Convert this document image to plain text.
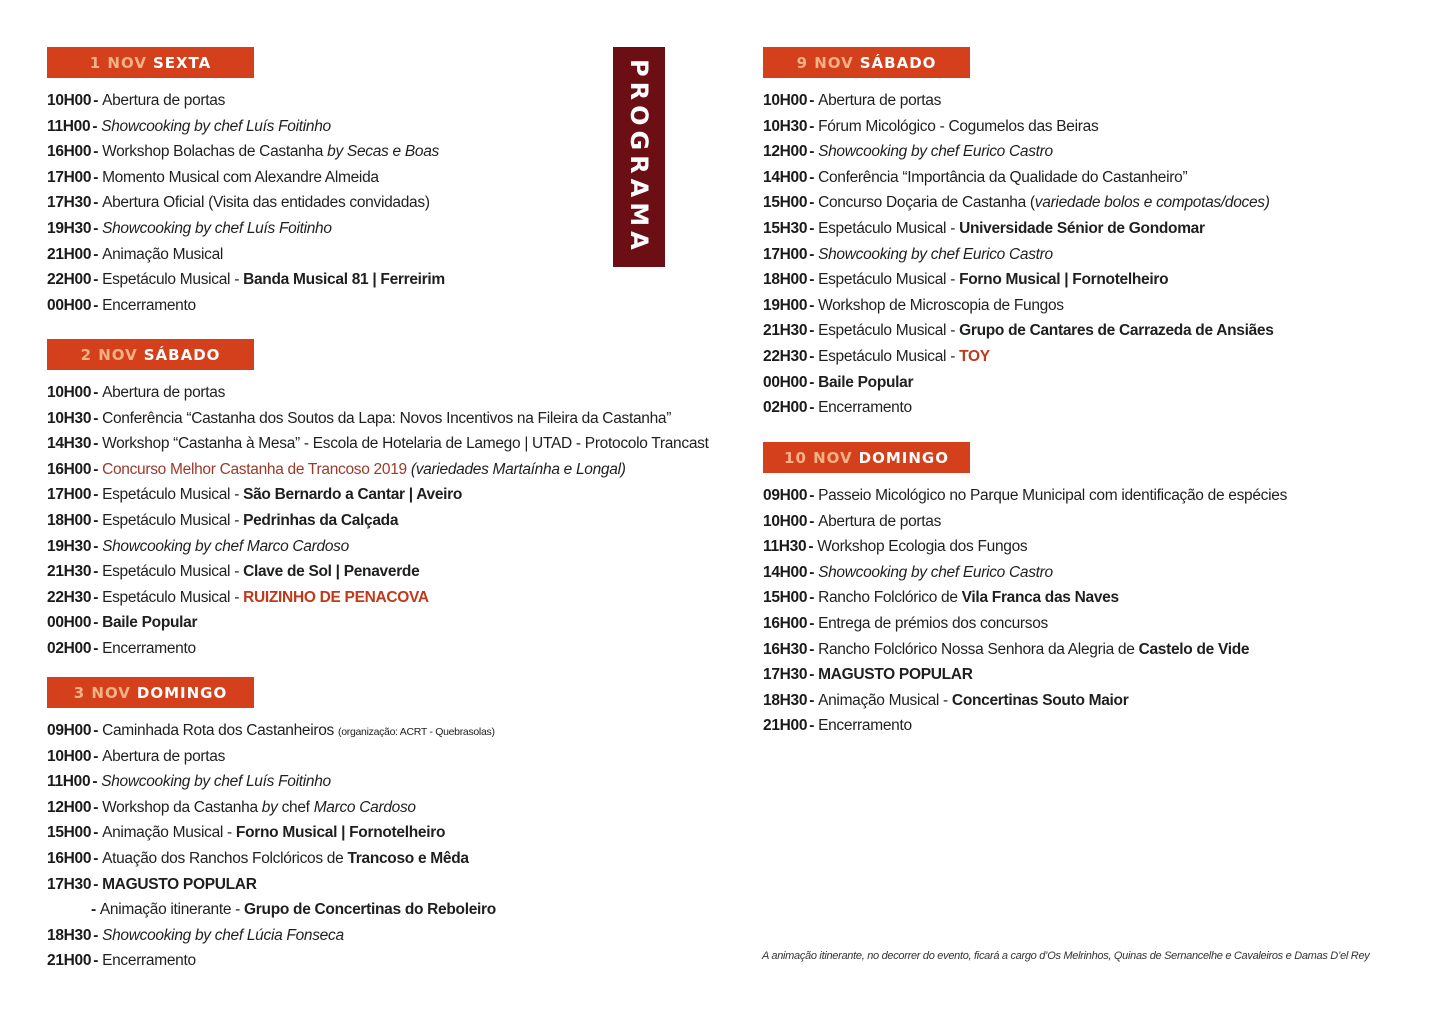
PROGRAMA
1 NOV SEXTA
10H00 - Abertura de portas
11H00 - Showcooking by chef Luís Foitinho
16H00 - Workshop Bolachas de Castanha by Secas e Boas
17H00 - Momento Musical com Alexandre Almeida
17H30 - Abertura Oficial (Visita das entidades convidadas)
19H30 - Showcooking by chef Luís Foitinho
21H00 - Animação Musical
22H00 - Espetáculo Musical - Banda Musical 81 | Ferreirim
00H00 - Encerramento
2 NOV SÁBADO
10H00 - Abertura de portas
10H30 - Conferência “Castanha dos Soutos da Lapa: Novos Incentivos na Fileira da Castanha”
14H30 - Workshop “Castanha à Mesa” - Escola de Hotelaria de Lamego | UTAD - Protocolo Trancast
16H00 - Concurso Melhor Castanha de Trancoso 2019 (variedades Martaínha e Longal)
17H00 - Espetáculo Musical - São Bernardo a Cantar | Aveiro
18H00 - Espetáculo Musical - Pedrinhas da Calçada
19H30 - Showcooking by chef Marco Cardoso
21H30 - Espetáculo Musical - Clave de Sol | Penaverde
22H30 - Espetáculo Musical - RUIZINHO DE PENACOVA
00H00 - Baile Popular
02H00 - Encerramento
3 NOV DOMINGO
09H00 - Caminhada Rota dos Castanheiros (organização: ACRT - Quebrasolas)
10H00 - Abertura de portas
11H00 - Showcooking by chef Luís Foitinho
12H00 - Workshop da Castanha by chef Marco Cardoso
15H00 - Animação Musical - Forno Musical | Fornotelheiro
16H00 - Atuação dos Ranchos Folclóricos de Trancoso e Mêda
17H30 - MAGUSTO POPULAR
- Animação itinerante - Grupo de Concertinas do Reboleiro
18H30 - Showcooking by chef Lúcia Fonseca
21H00 - Encerramento
9 NOV SÁBADO
10H00 - Abertura de portas
10H30 - Fórum Micológico - Cogumelos das Beiras
12H00 - Showcooking by chef Eurico Castro
14H00 - Conferência “Importância da Qualidade do Castanheiro”
15H00 - Concurso Doçaria de Castanha (variedade bolos e compotas/doces)
15H30 - Espetáculo Musical - Universidade Sénior de Gondomar
17H00 - Showcooking by chef Eurico Castro
18H00 - Espetáculo Musical - Forno Musical | Fornotelheiro
19H00 - Workshop de Microscopia de Fungos
21H30 - Espetáculo Musical - Grupo de Cantares de Carrazeda de Ansiães
22H30 - Espetáculo Musical - TOY
00H00 - Baile Popular
02H00 - Encerramento
10 NOV DOMINGO
09H00 - Passeio Micológico no Parque Municipal com identificação de espécies
10H00 - Abertura de portas
11H30 - Workshop Ecologia dos Fungos
14H00 - Showcooking by chef Eurico Castro
15H00 - Rancho Folclórico de Vila Franca das Naves
16H00 - Entrega de prémios dos concursos
16H30 - Rancho Folclórico Nossa Senhora da Alegria de Castelo de Vide
17H30 - MAGUSTO POPULAR
18H30 - Animação Musical - Concertinas Souto Maior
21H00 - Encerramento
A animação itinerante, no decorrer do evento, ficará a cargo d’Os Melrinhos, Quinas de Sernancelhe e Cavaleiros e Damas D’el Rey
